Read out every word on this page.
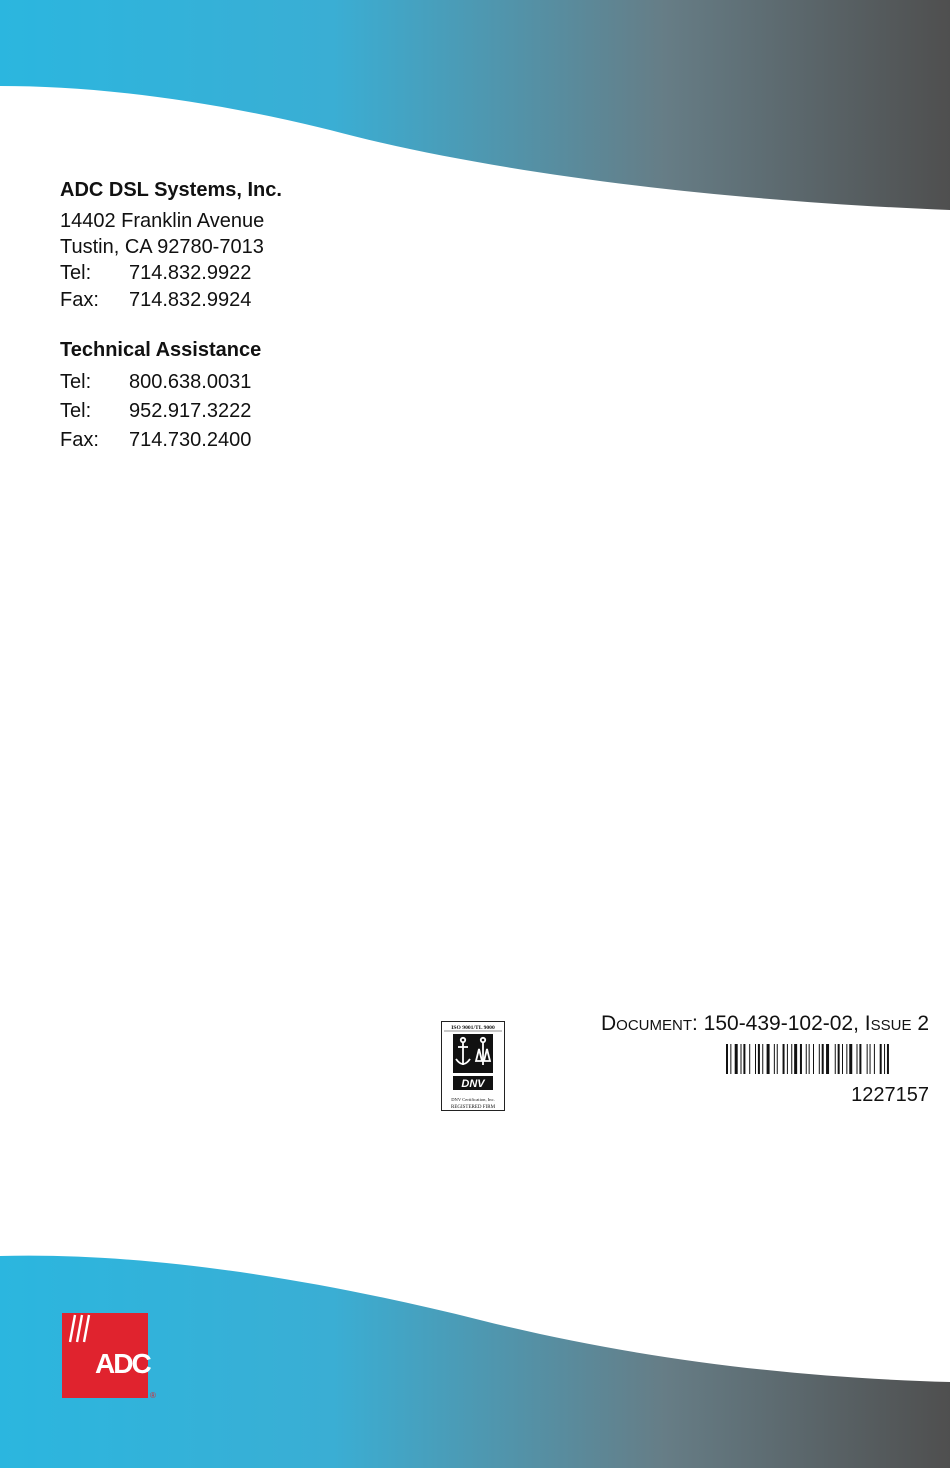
ADC DSL Systems, Inc.
14402 Franklin Avenue
Tustin, CA 92780-7013
Tel:	714.832.9922
Fax:	714.832.9924
Technical Assistance
Tel:	800.638.0031
Tel:	952.917.3222
Fax:	714.730.2400
ISO 9001/TL 9000
DNV
DNV Certification, Inc.
REGISTERED FIRM
Document: 150-439-102-02, Issue 2
1227157
ADC
®
